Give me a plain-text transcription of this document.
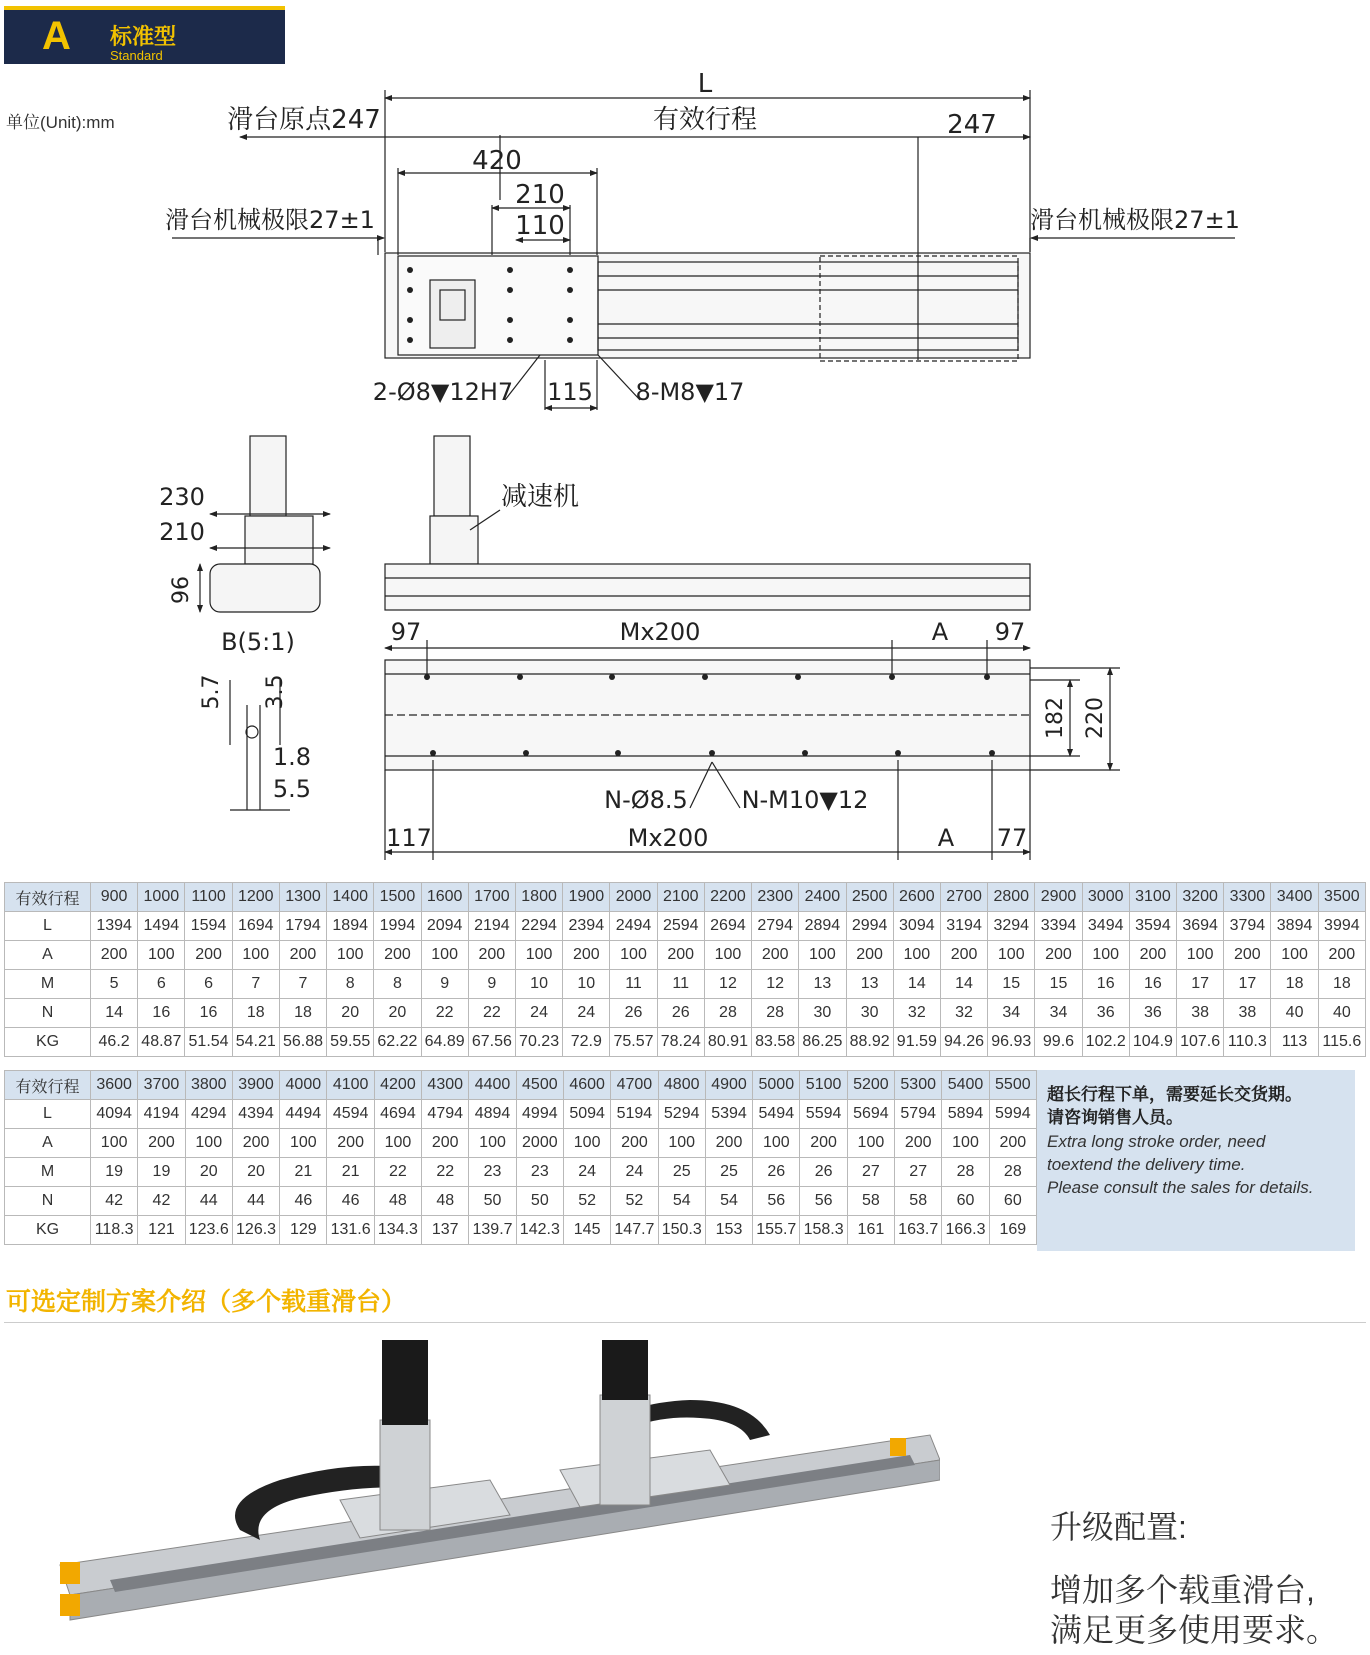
A 标准型
Standard
单位(Unit):mm
L
滑台原点247	有效行程	247
420
210
110
滑台机械极限27±1	滑台机械极限27±1
2-Ø8▼12H7 115 8-M8▼17
230
210
96
减速机
B(5:1)
5.7 3.5
1.8
5.5
97	Mx200	A 97
182 220
N-Ø8.5 N-M10▼12
117	Mx200	A 77
有效行程	900	1000	1100	1200	1300	1400	1500	1600	1700	1800	1900	2000	2100	2200	2300	2400	2500	2600	2700	2800	2900	3000	3100	3200	3300	3400	3500
L	1394	1494	1594	1694	1794	1894	1994	2094	2194	2294	2394	2494	2594	2694	2794	2894	2994	3094	3194	3294	3394	3494	3594	3694	3794	3894	3994
A	200	100	200	100	200	100	200	100	200	100	200	100	200	100	200	100	200	100	200	100	200	100	200	100	200	100	200
M	5	6	6	7	7	8	8	9	9	10	10	11	11	12	12	13	13	14	14	15	15	16	16	17	17	18	18
N	14	16	16	18	18	20	20	22	22	24	24	26	26	28	28	30	30	32	32	34	34	36	36	38	38	40	40
KG	46.2	48.87	51.54	54.21	56.88	59.55	62.22	64.89	67.56	70.23	72.9	75.57	78.24	80.91	83.58	86.25	88.92	91.59	94.26	96.93	99.6	102.2	104.9	107.6	110.3	113	115.6
有效行程	3600	3700	3800	3900	4000	4100	4200	4300	4400	4500	4600	4700	4800	4900	5000	5100	5200	5300	5400	5500
L	4094	4194	4294	4394	4494	4594	4694	4794	4894	4994	5094	5194	5294	5394	5494	5594	5694	5794	5894	5994
A	100	200	100	200	100	200	100	200	100	2000	100	200	100	200	100	200	100	200	100	200
M	19	19	20	20	21	21	22	22	23	23	24	24	25	25	26	26	27	27	28	28
N	42	42	44	44	46	46	48	48	50	50	52	52	54	54	56	56	58	58	60	60
KG	118.3	121	123.6	126.3	129	131.6	134.3	137	139.7	142.3	145	147.7	150.3	153	155.7	158.3	161	163.7	166.3	169
超长行程下单，需要延长交货期。
请咨询销售人员。
Extra long stroke order, need
toextend the delivery time.
Please consult the sales for details.
可选定制方案介绍（多个载重滑台）
升级配置:
增加多个载重滑台,
满足更多使用要求。
